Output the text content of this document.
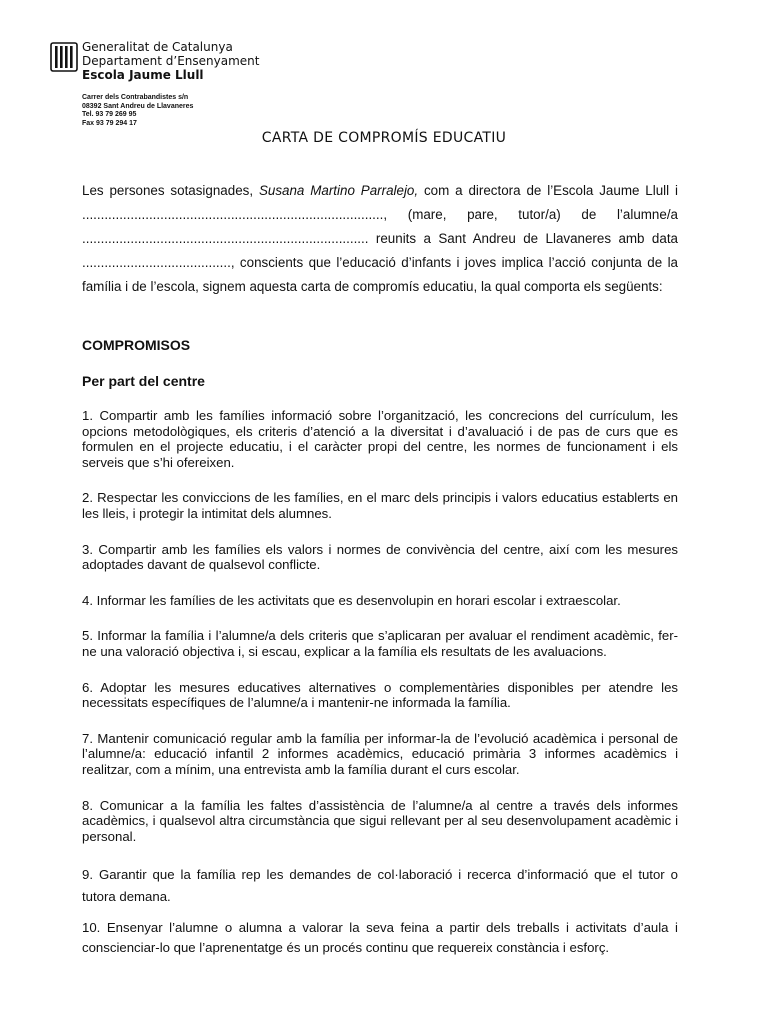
Generalitat de Catalunya
Departament d’Ensenyament
Escola Jaume Llull
Carrer dels Contrabandistes s/n
08392 Sant Andreu de Llavaneres
Tel. 93 79 269 95
Fax 93 79 294 17
CARTA DE COMPROMÍS EDUCATIU
Les persones sotasignades, Susana Martino Parralejo, com a directora de l’Escola Jaume Llull i ................................................................................., (mare, pare, tutor/a) de l’alumne/a ............................................................................. reunits a Sant Andreu de Llavaneres amb data ........................................, conscients que l’educació d’infants i joves implica l’acció conjunta de la família i de l’escola, signem aquesta carta de compromís educatiu, la qual comporta els següents:
COMPROMISOS
Per part del centre

1. Compartir amb les famílies informació sobre l’organització, les concrecions del currículum, les opcions metodològiques, els criteris d’atenció a la diversitat i d’avaluació i de pas de curs que es formulen en el projecte educatiu, i el caràcter propi del centre, les normes de funcionament i els serveis que s’hi ofereixen.

2. Respectar les conviccions de les famílies, en el marc dels principis i valors educatius establerts en les lleis, i protegir la intimitat dels alumnes.

3. Compartir amb les famílies els valors i normes de convivència del centre, així com les mesures adoptades davant de qualsevol conflicte.

4. Informar les famílies de les activitats que es desenvolupin en horari escolar i extraescolar.

5. Informar la família i l’alumne/a dels criteris que s’aplicaran per avaluar el rendiment acadèmic, fer-ne una valoració objectiva i, si escau, explicar a la família els resultats de les avaluacions.

6. Adoptar les mesures educatives alternatives o complementàries disponibles per atendre les necessitats específiques de l’alumne/a i mantenir-ne informada la família.

7. Mantenir comunicació regular amb la família per informar-la de l’evolució acadèmica i personal de l’alumne/a: educació infantil 2 informes acadèmics, educació primària 3 informes acadèmics i realitzar, com a mínim, una entrevista amb la família durant el curs escolar.

8. Comunicar a la família les faltes d’assistència de l’alumne/a al centre a través dels informes acadèmics, i qualsevol altra circumstància que sigui rellevant per al seu desenvolupament acadèmic i personal.

9. Garantir que la família rep les demandes de col·laboració i recerca d’informació que el tutor o tutora demana.

10. Ensenyar l’alumne o alumna a valorar la seva feina a partir dels treballs i activitats d’aula i conscienciar-lo que l’aprenentatge és un procés continu que requereix constància i esforç.
